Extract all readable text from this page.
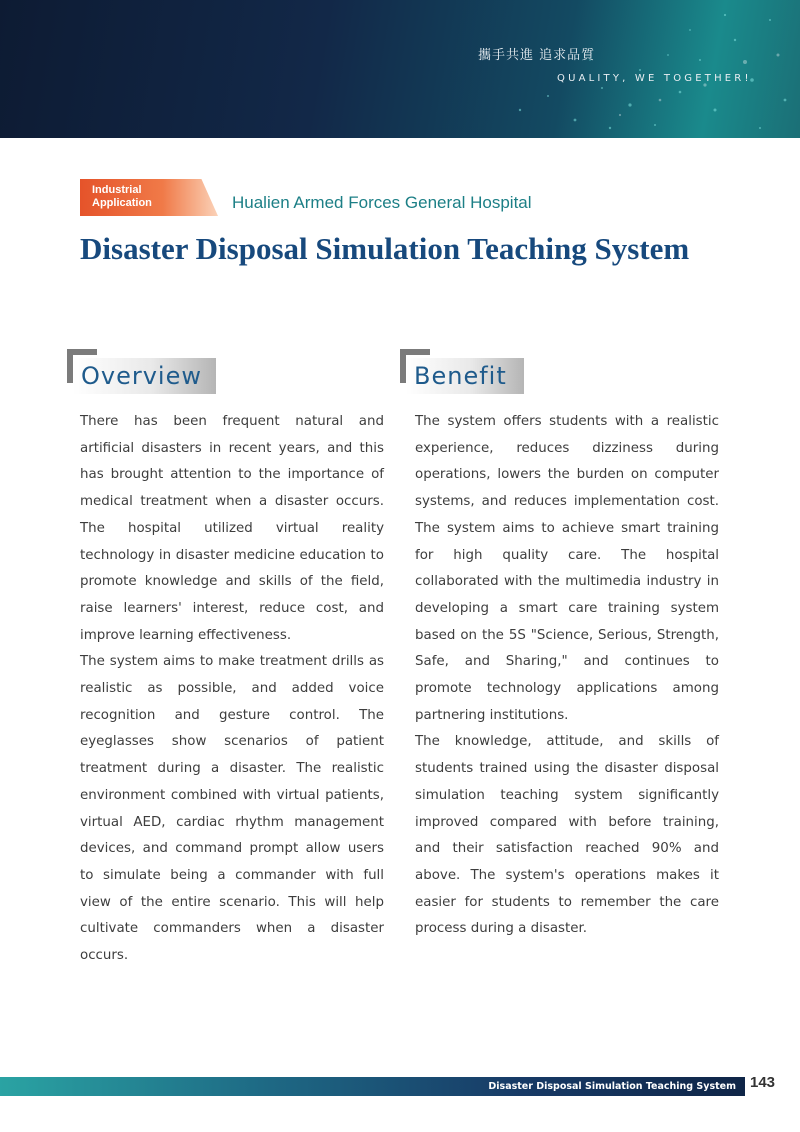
攜手共進 追求品質
QUALITY, WE TOGETHER!
Industrial Application	Hualien Armed Forces General Hospital
Disaster Disposal Simulation Teaching System
Overview	Benefit

There has been frequent natural and artificial disasters in recent years, and this has brought attention to the importance of medical treatment when a disaster occurs. The hospital utilized virtual reality technology in disaster medicine education to promote knowledge and skills of the field, raise learners' interest, reduce cost, and improve learning effectiveness.

The system aims to make treatment drills as realistic as possible, and added voice recognition and gesture control. The eyeglasses show scenarios of patient treatment during a disaster. The realistic environment combined with virtual patients, virtual AED, cardiac rhythm management devices, and command prompt allow users to simulate being a commander with full view of the entire scenario. This will help cultivate commanders when a disaster occurs.

The system offers students with a realistic experience, reduces dizziness during operations, lowers the burden on computer systems, and reduces implementation cost. The system aims to achieve smart training for high quality care. The hospital collaborated with the multimedia industry in developing a smart care training system based on the 5S "Science, Serious, Strength, Safe, and Sharing," and continues to promote technology applications among partnering institutions.

The knowledge, attitude, and skills of students trained using the disaster disposal simulation teaching system significantly improved compared with before training, and their satisfaction reached 90% and above. The system's operations makes it easier for students to remember the care process during a disaster.

Disaster Disposal Simulation Teaching System 143
